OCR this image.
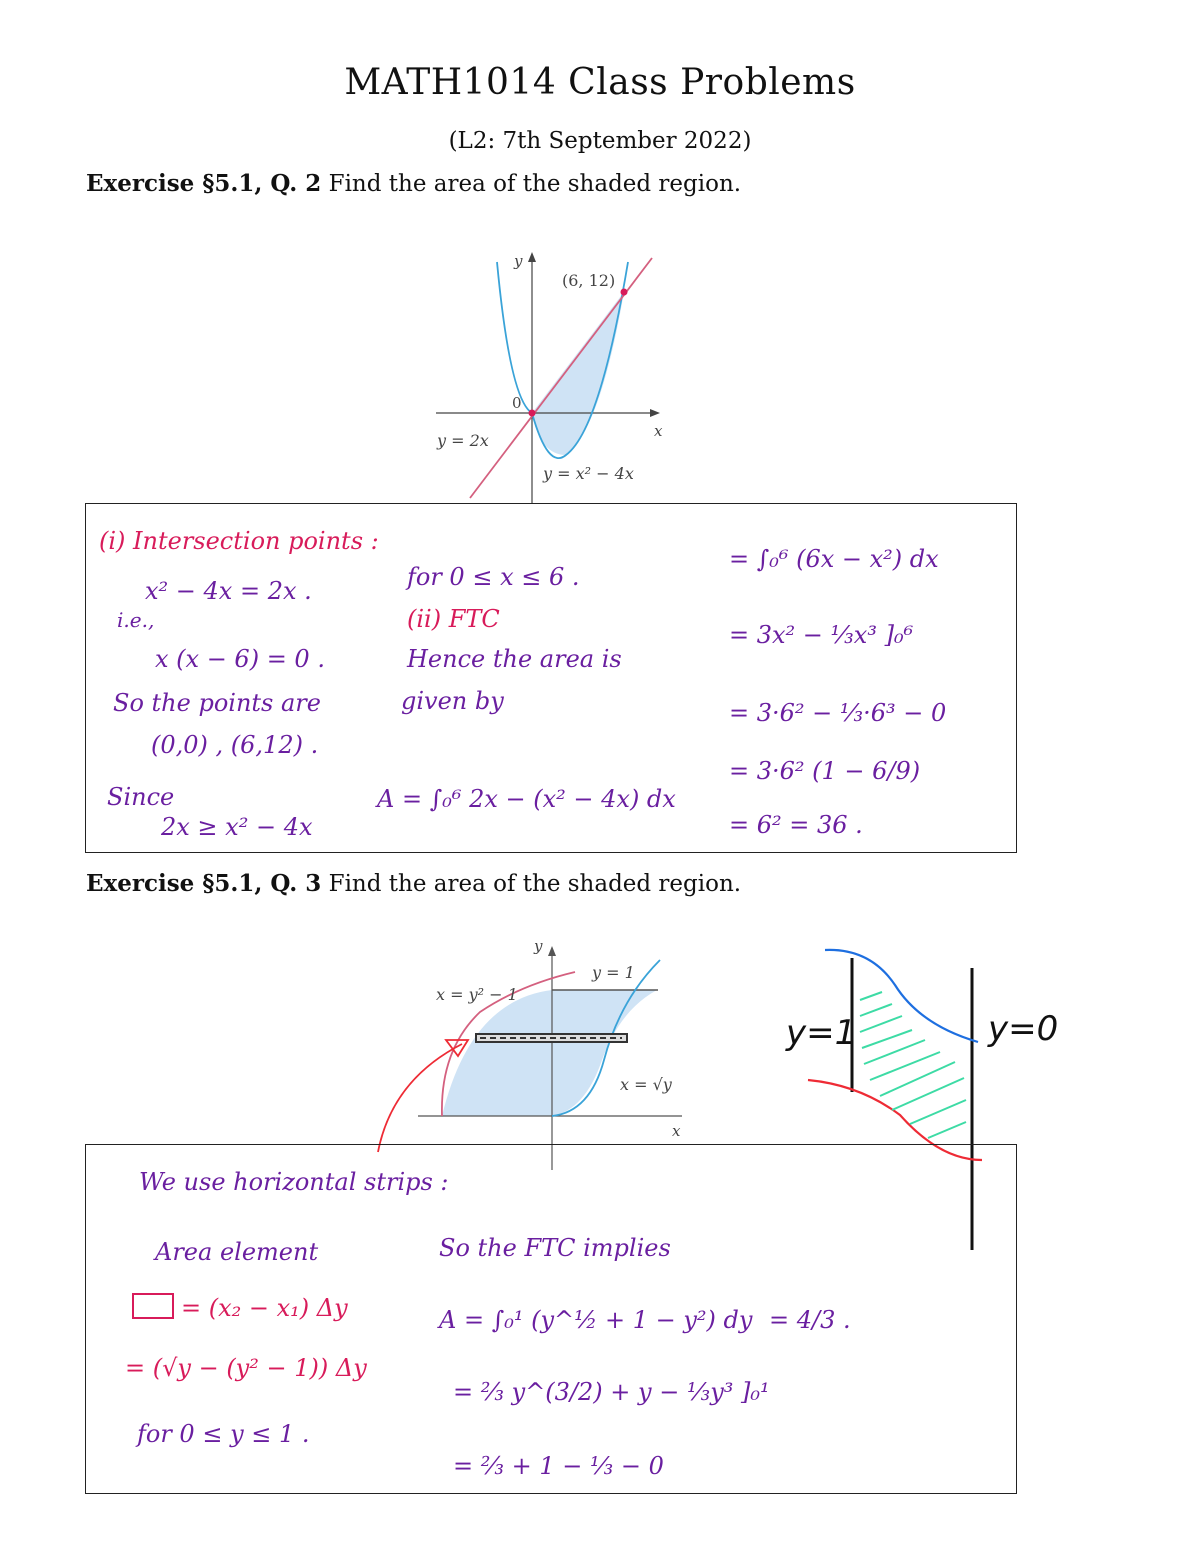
MATH1014 Class Problems
(L2: 7th September 2022)
Exercise §5.1, Q. 2 Find the area of the shaded region.
y
x
0
(6, 12)
y = 2x
y = x² − 4x
(i) Intersection points :
x² − 4x = 2x .
i.e.,
x (x − 6) = 0 .
So the points are
(0,0) , (6,12) .
Since
2x ≥ x² − 4x
for 0 ≤ x ≤ 6 .
(ii) FTC
Hence the area is
given by
A = ∫₀⁶ 2x − (x² − 4x) dx
= ∫₀⁶ (6x − x²) dx
= 3x² − ⅓x³ ]₀⁶
= 3·6² − ⅓·6³ − 0
= 3·6² (1 − 6/9)
= 6² = 36 .
Exercise §5.1, Q. 3 Find the area of the shaded region.
y
x
y = 1
x = y² − 1
x = √y
y=1	y=0
We use horizontal strips :
Area element
= (x₂ − x₁) Δy
= (√y − (y² − 1)) Δy
for 0 ≤ y ≤ 1 .
So the FTC implies
A = ∫₀¹ (y^½ + 1 − y²) dy
= ⅔ y^(3/2) + y − ⅓y³ ]₀¹
= ⅔ + 1 − ⅓ − 0
= 4/3 .
